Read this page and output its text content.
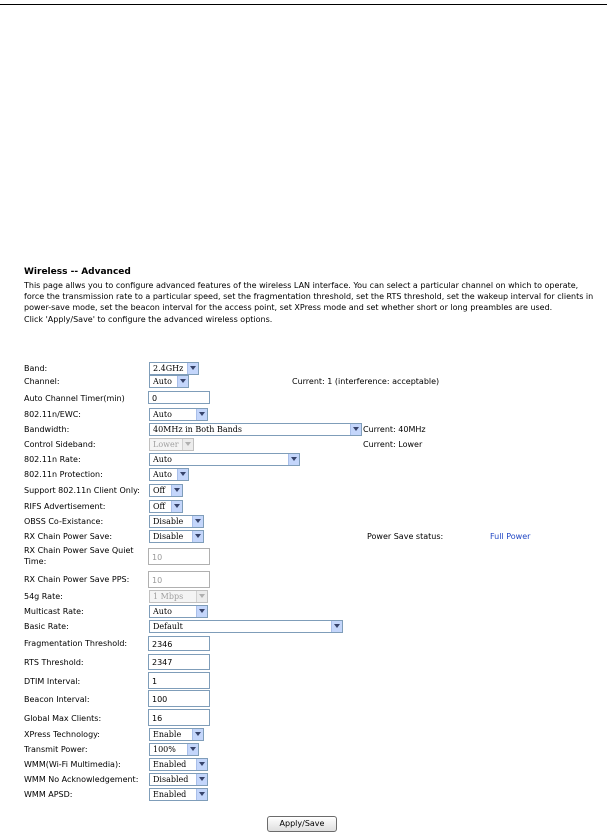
Wireless -- Advanced
This page allws you to configure advanced features of the wireless LAN interface. You can select a particular channel on which to operate, force the transmission rate to a particular speed, set the fragmentation threshold, set the RTS threshold, set the wakeup interval for clients in power-save mode, set the beacon interval for the access point, set XPress mode and set whether short or long preambles are used.
Click 'Apply/Save' to configure the advanced wireless options.
Band:	2.4GHz
Channel:	Auto	Current: 1 (interference: acceptable)
Auto Channel Timer(min)	0
802.11n/EWC:	Auto
Bandwidth:	40MHz in Both Bands	Current: 40MHz
Control Sideband:	Lower	Current: Lower
802.11n Rate:	Auto
802.11n Protection:	Auto
Support 802.11n Client Only: Off
RIFS Advertisement:	Off
OBSS Co-Existance:	Disable
RX Chain Power Save:	Disable	Power Save status:	Full Power
RX Chain Power Save Quiet Time:	10
RX Chain Power Save PPS:	10
54g Rate:	1 Mbps
Multicast Rate:	Auto
Basic Rate:	Default
Fragmentation Threshold:	2346
RTS Threshold:	2347
DTIM Interval:	1
Beacon Interval:	100
Global Max Clients:	16
XPress Technology:	Enable
Transmit Power:	100%
WMM(Wi-Fi Multimedia):	Enabled
WMM No Acknowledgement: Disabled
WMM APSD:	Enabled
Apply/Save
